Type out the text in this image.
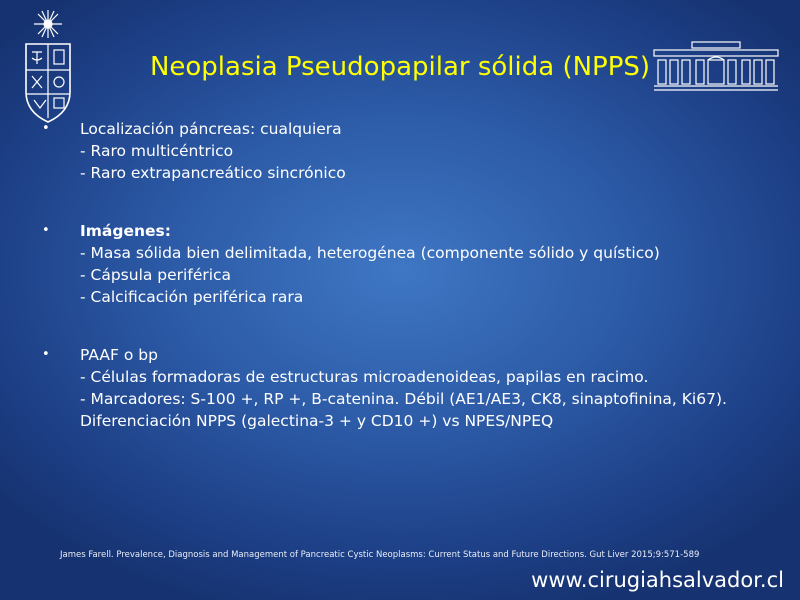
Neoplasia Pseudopapilar sólida (NPPS)
• Localización páncreas: cualquiera
- Raro multicéntrico
- Raro extrapancreático sincrónico
• Imágenes:
- Masa sólida bien delimitada, heterogénea (componente sólido y quístico)
- Cápsula periférica
- Calcificación periférica rara
• PAAF o bp
- Células formadoras de estructuras microadenoideas, papilas en racimo.
- Marcadores: S-100 +, RP +, B-catenina. Débil (AE1/AE3, CK8, sinaptofinina, Ki67).
Diferenciación NPPS (galectina-3 + y CD10 +) vs NPES/NPEQ
James Farell. Prevalence, Diagnosis and Management of Pancreatic Cystic Neoplasms: Current Status and Future Directions. Gut Liver 2015;9:571-589
www.cirugiahsalvador.cl
